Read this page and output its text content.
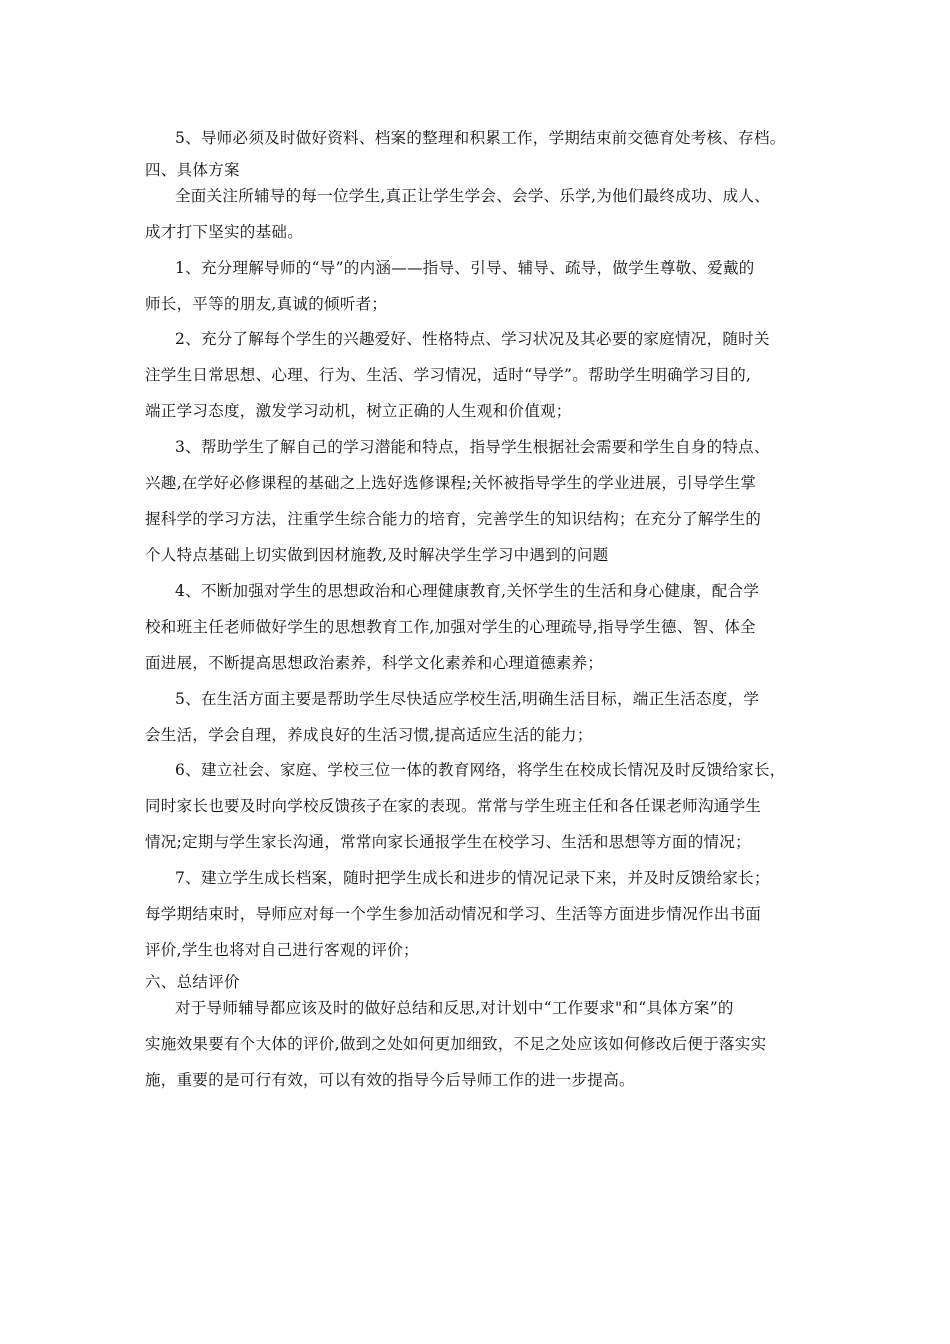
5、导师必须及时做好资料、档案的整理和积累工作，学期结束前交德育处考核、存档。
四、具体方案
全面关注所辅导的每一位学生,真正让学生学会、会学、乐学,为他们最终成功、成人、
成才打下坚实的基础。
1、充分理解导师的“导”的内涵——指导、引导、辅导、疏导，做学生尊敬、爱戴的
师长，平等的朋友,真诚的倾听者；
2、充分了解每个学生的兴趣爱好、性格特点、学习状况及其必要的家庭情况，随时关
注学生日常思想、心理、行为、生活、学习情况，适时“导学”。帮助学生明确学习目的,
端正学习态度，激发学习动机，树立正确的人生观和价值观；
3、帮助学生了解自己的学习潜能和特点，指导学生根据社会需要和学生自身的特点、
兴趣,在学好必修课程的基础之上选好选修课程;关怀被指导学生的学业进展，引导学生掌
握科学的学习方法，注重学生综合能力的培育，完善学生的知识结构；在充分了解学生的
个人特点基础上切实做到因材施教,及时解决学生学习中遇到的问题
4、不断加强对学生的思想政治和心理健康教育,关怀学生的生活和身心健康，配合学
校和班主任老师做好学生的思想教育工作,加强对学生的心理疏导,指导学生德、智、体全
面进展，不断提高思想政治素养，科学文化素养和心理道德素养；
5、在生活方面主要是帮助学生尽快适应学校生活,明确生活目标，端正生活态度，学
会生活，学会自理，养成良好的生活习惯,提高适应生活的能力；
6、建立社会、家庭、学校三位一体的教育网络，将学生在校成长情况及时反馈给家长，
同时家长也要及时向学校反馈孩子在家的表现。常常与学生班主任和各任课老师沟通学生
情况;定期与学生家长沟通，常常向家长通报学生在校学习、生活和思想等方面的情况；
7、建立学生成长档案，随时把学生成长和进步的情况记录下来，并及时反馈给家长；
每学期结束时，导师应对每一个学生参加活动情况和学习、生活等方面进步情况作出书面
评价,学生也将对自己进行客观的评价；
六、总结评价
对于导师辅导都应该及时的做好总结和反思,对计划中“工作要求"和“具体方案”的
实施效果要有个大体的评价,做到之处如何更加细致，不足之处应该如何修改后便于落实实
施，重要的是可行有效，可以有效的指导今后导师工作的进一步提高。
